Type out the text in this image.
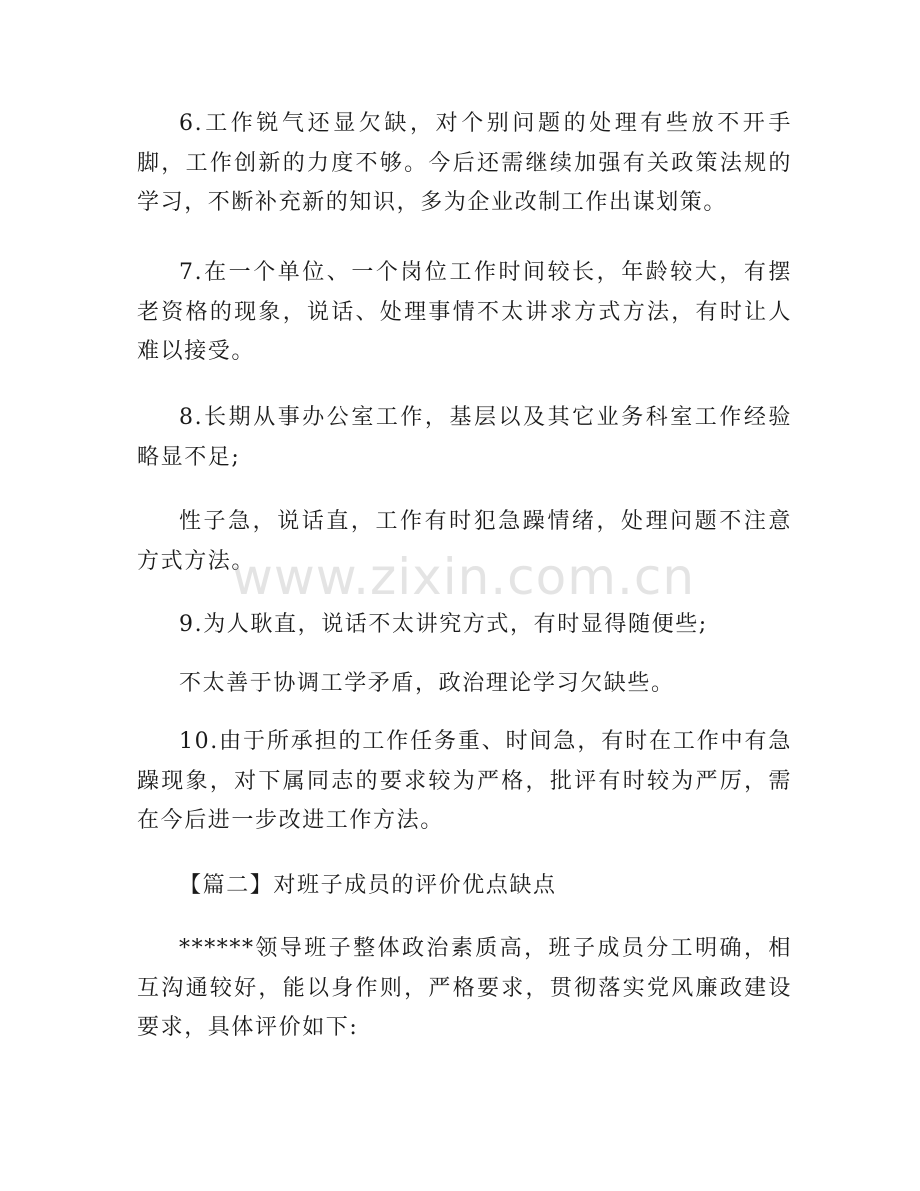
6.工作锐气还显欠缺，对个别问题的处理有些放不开手脚，工作创新的力度不够。今后还需继续加强有关政策法规的学习，不断补充新的知识，多为企业改制工作出谋划策。

7.在一个单位、一个岗位工作时间较长，年龄较大，有摆老资格的现象，说话、处理事情不太讲求方式方法，有时让人难以接受。

8.长期从事办公室工作，基层以及其它业务科室工作经验略显不足;

性子急，说话直，工作有时犯急躁情绪，处理问题不注意方式方法。

9.为人耿直，说话不太讲究方式，有时显得随便些;

不太善于协调工学矛盾，政治理论学习欠缺些。

10.由于所承担的工作任务重、时间急，有时在工作中有急躁现象，对下属同志的要求较为严格，批评有时较为严厉，需在今后进一步改进工作方法。

【篇二】对班子成员的评价优点缺点

******领导班子整体政治素质高，班子成员分工明确，相互沟通较好，能以身作则，严格要求，贯彻落实党风廉政建设要求，具体评价如下:

www.zixin.com.cn
